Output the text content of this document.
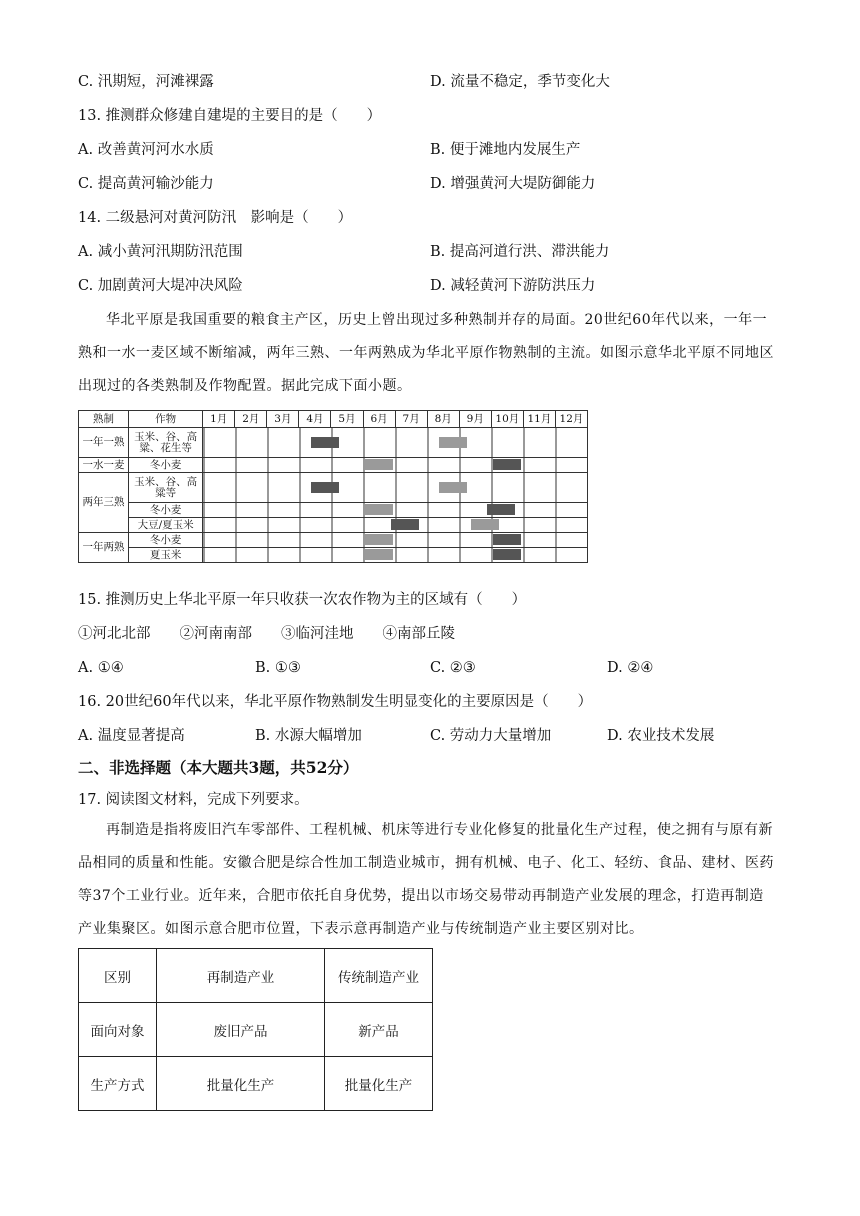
C. 汛期短，河滩裸露	D. 流量不稳定，季节变化大
13. 推测群众修建自建堤的主要目的是（　　）
A. 改善黄河河水水质	B. 便于滩地内发展生产
C. 提高黄河输沙能力	D. 增强黄河大堤防御能力
14. 二级悬河对黄河防汛　影响是（　　）
A. 减小黄河汛期防汛范围	B. 提高河道行洪、滞洪能力
C. 加剧黄河大堤冲决风险	D. 减轻黄河下游防洪压力
华北平原是我国重要的粮食主产区，历史上曾出现过多种熟制并存的局面。20世纪60年代以来，一年一熟和一水一麦区域不断缩减，两年三熟、一年两熟成为华北平原作物熟制的主流。如图示意华北平原不同地区出现过的各类熟制及作物配置。据此完成下面小题。
熟制	作物	1月	2月	3月	4月	5月	6月	7月	8月	9月	10月	11月	12月
一年一熟	玉米、谷、高粱、花生等												

一水一麦	冬小麦												

两年三熟	玉米、谷、高粱等												

	冬小麦												

	大豆/夏玉米												

一年两熟	冬小麦												

	夏玉米												
15. 推测历史上华北平原一年只收获一次农作物为主的区域有（　　）
①河北北部　　②河南南部　　③临河洼地　　④南部丘陵
A. ①④	B. ①③	C. ②③	D. ②④
16. 20世纪60年代以来，华北平原作物熟制发生明显变化的主要原因是（　　）
A. 温度显著提高	B. 水源大幅增加	C. 劳动力大量增加	D. 农业技术发展
二、非选择题（本大题共3题，共52分）
17. 阅读图文材料，完成下列要求。
再制造是指将废旧汽车零部件、工程机械、机床等进行专业化修复的批量化生产过程，使之拥有与原有新品相同的质量和性能。安徽合肥是综合性加工制造业城市，拥有机械、电子、化工、轻纺、食品、建材、医药等37个工业行业。近年来，合肥市依托自身优势，提出以市场交易带动再制造产业发展的理念，打造再制造产业集聚区。如图示意合肥市位置，下表示意再制造产业与传统制造产业主要区别对比。
区别	再制造产业	传统制造产业
面向对象	废旧产品	新产品
生产方式	批量化生产	批量化生产
